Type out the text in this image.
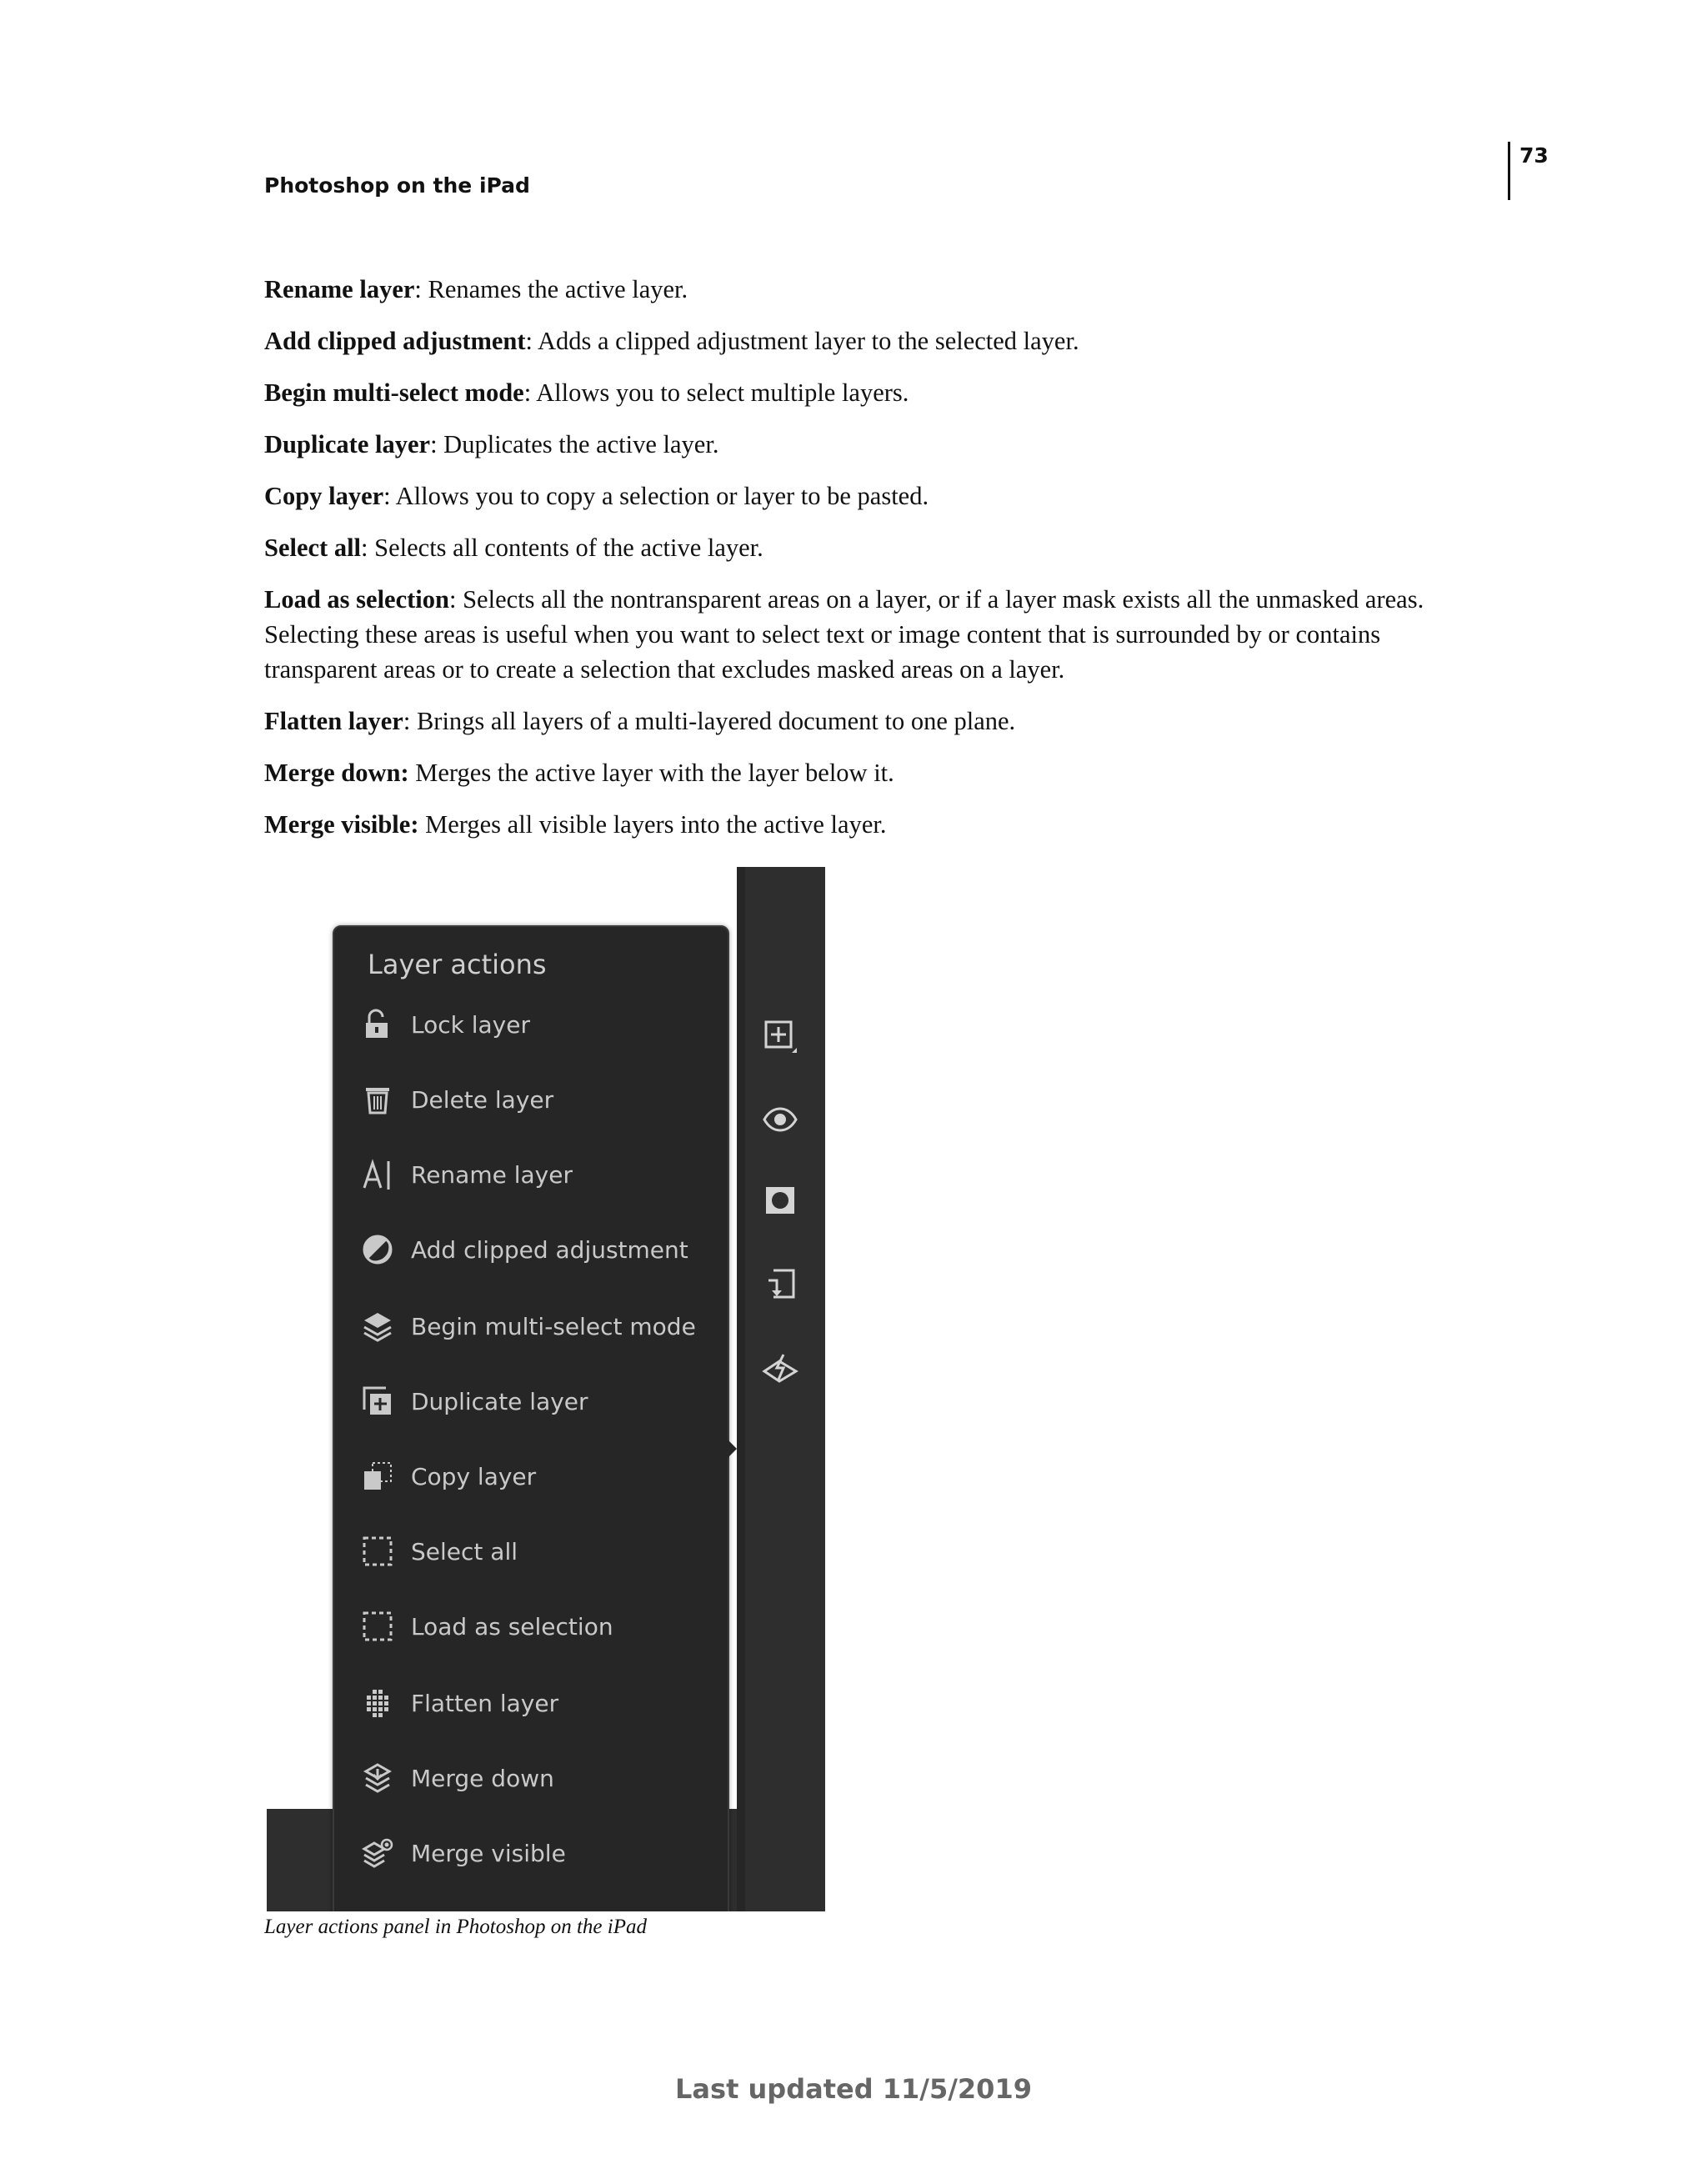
73
Photoshop on the iPad

Rename layer: Renames the active layer.

Add clipped adjustment: Adds a clipped adjustment layer to the selected layer.

Begin multi-select mode: Allows you to select multiple layers.

Duplicate layer: Duplicates the active layer.

Copy layer: Allows you to copy a selection or layer to be pasted.

Select all: Selects all contents of the active layer.

Load as selection: Selects all the nontransparent areas on a layer, or if a layer mask exists all the unmasked areas. Selecting these areas is useful when you want to select text or image content that is surrounded by or contains transparent areas or to create a selection that excludes masked areas on a layer.

Flatten layer: Brings all layers of a multi-layered document to one plane.

Merge down: Merges the active layer with the layer below it.

Merge visible: Merges all visible layers into the active layer.

Layer actions
Lock layer
Delete layer
Rename layer
Add clipped adjustment
Begin multi-select mode
Duplicate layer
Copy layer
Select all
Load as selection
Flatten layer
Merge down
Merge visible
Layer actions panel in Photoshop on the iPad
Last updated 11/5/2019
